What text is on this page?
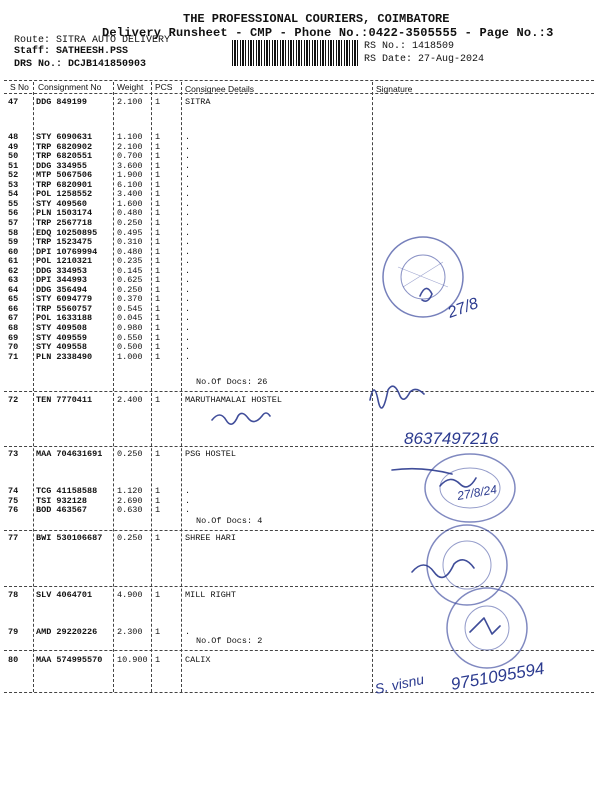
THE PROFESSIONAL COURIERS, COIMBATORE
Delivery Runsheet - CMP - Phone No.:0422-3505555 - Page No.:3
Route: SITRA AUTO DELIVERY
Staff: SATHEESH.PSS
DRS No.: DCJB141850903
RS No.: 1418509
RS Date: 27-Aug-2024
S No Consignment No Weight PCS Consignee Details	Signature
47 DDG 849199	2.100 1	SITRA
48 STY 6090631	1.100 1	.
49 TRP 6820902	2.100 1	.
50 TRP 6820551	0.700 1	.
51 DDG 334955	3.600 1	.
52 MTP 5067506	1.900 1	.
53 TRP 6820901	6.100 1	.
54 POL 1258552	3.400 1	.
55 STY 409560	1.600 1	.
56 PLN 1503174	0.480 1	.
57 TRP 2567718	0.250 1	.
58 EDQ 10250895 0.495 1	.
59 TRP 1523475	0.310 1	.
60 DPI 10769994 0.480 1	.
61 POL 1210321	0.235 1	.
62 DDG 334953	0.145 1	.
63 DPI 344993	0.625 1	.
64 DDG 356494	0.250 1	.
65 STY 6094779	0.370 1	.
66 TRP 5560757	0.545 1	.
67 POL 1633188	0.045 1	.
68 STY 409508	0.980 1	.
69 STY 409559	0.550 1	.
70 STY 409558	0.500 1	.
71 PLN 2338490	1.000 1	.
No.Of Docs: 26
72 TEN 7770411	2.400 1	MARUTHAMALAI HOSTEL
73 MAA 704631691 0.250 1	PSG HOSTEL
74 TCG 41158588 1.120 1	.
75 TSI 932128	2.690 1	.
76 BOD 463567	0.630 1	.
No.Of Docs: 4
77 BWI 530106687 0.250 1	SHREE HARI
78 SLV 4064701	4.900 1	MILL RIGHT
79 AMD 29220226 2.300 1	.
No.Of Docs: 2
80 MAA 574995570 10.900 1	CALIX
27/8
8637497216
27/8/24
S. visnu 9751095594
